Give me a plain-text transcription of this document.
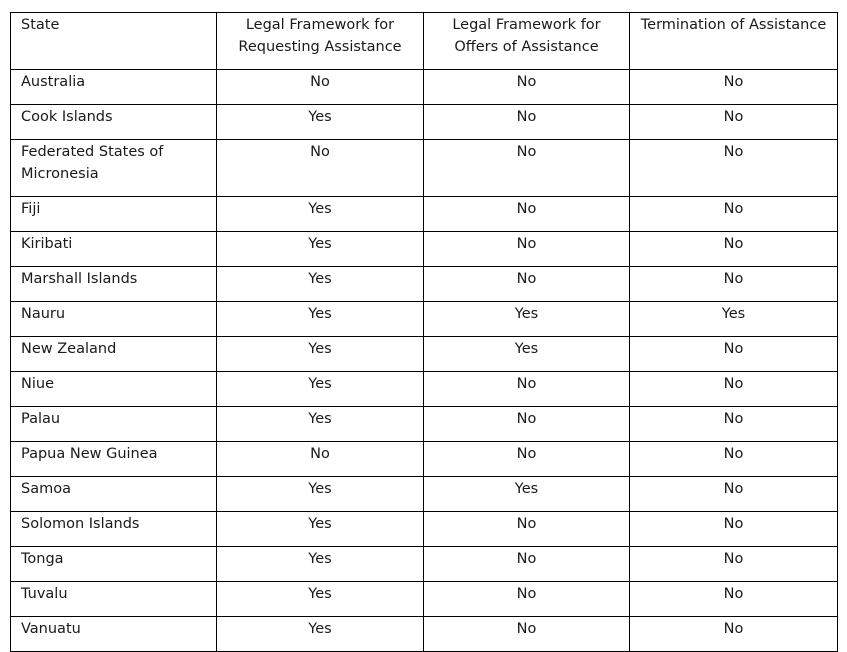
State	Legal Framework for Requesting Assistance	Legal Framework for Offers of Assistance	Termination of Assistance
Australia	No	No	No
Cook Islands	Yes	No	No
Federated States of Micronesia	No	No	No
Fiji	Yes	No	No
Kiribati	Yes	No	No
Marshall Islands	Yes	No	No
Nauru	Yes	Yes	Yes
New Zealand	Yes	Yes	No
Niue	Yes	No	No
Palau	Yes	No	No
Papua New Guinea	No	No	No
Samoa	Yes	Yes	No
Solomon Islands	Yes	No	No
Tonga	Yes	No	No
Tuvalu	Yes	No	No
Vanuatu	Yes	No	No
